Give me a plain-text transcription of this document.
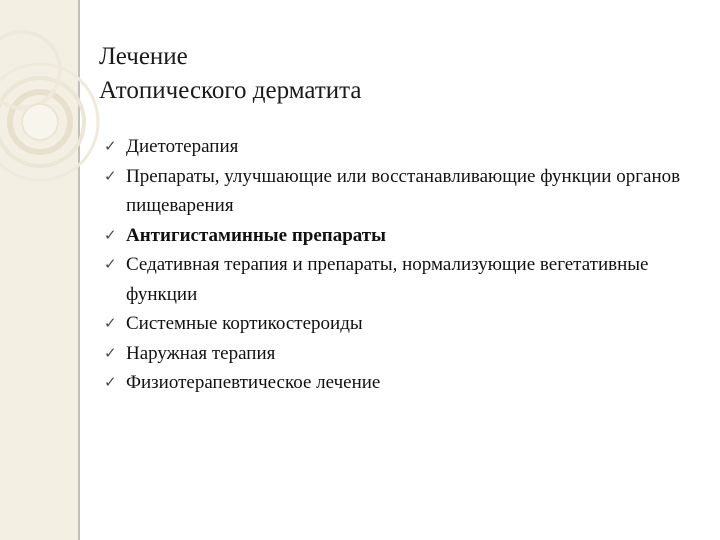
Лечение
Атопического дерматита
✓ Диетотерапия
✓ Препараты, улучшающие или восстанавливающие функции органов пищеварения
✓ Антигистаминные препараты
✓ Седативная терапия и препараты, нормализующие вегетативные функции
✓ Системные кортикостероиды
✓ Наружная терапия
✓ Физиотерапевтическое лечение
